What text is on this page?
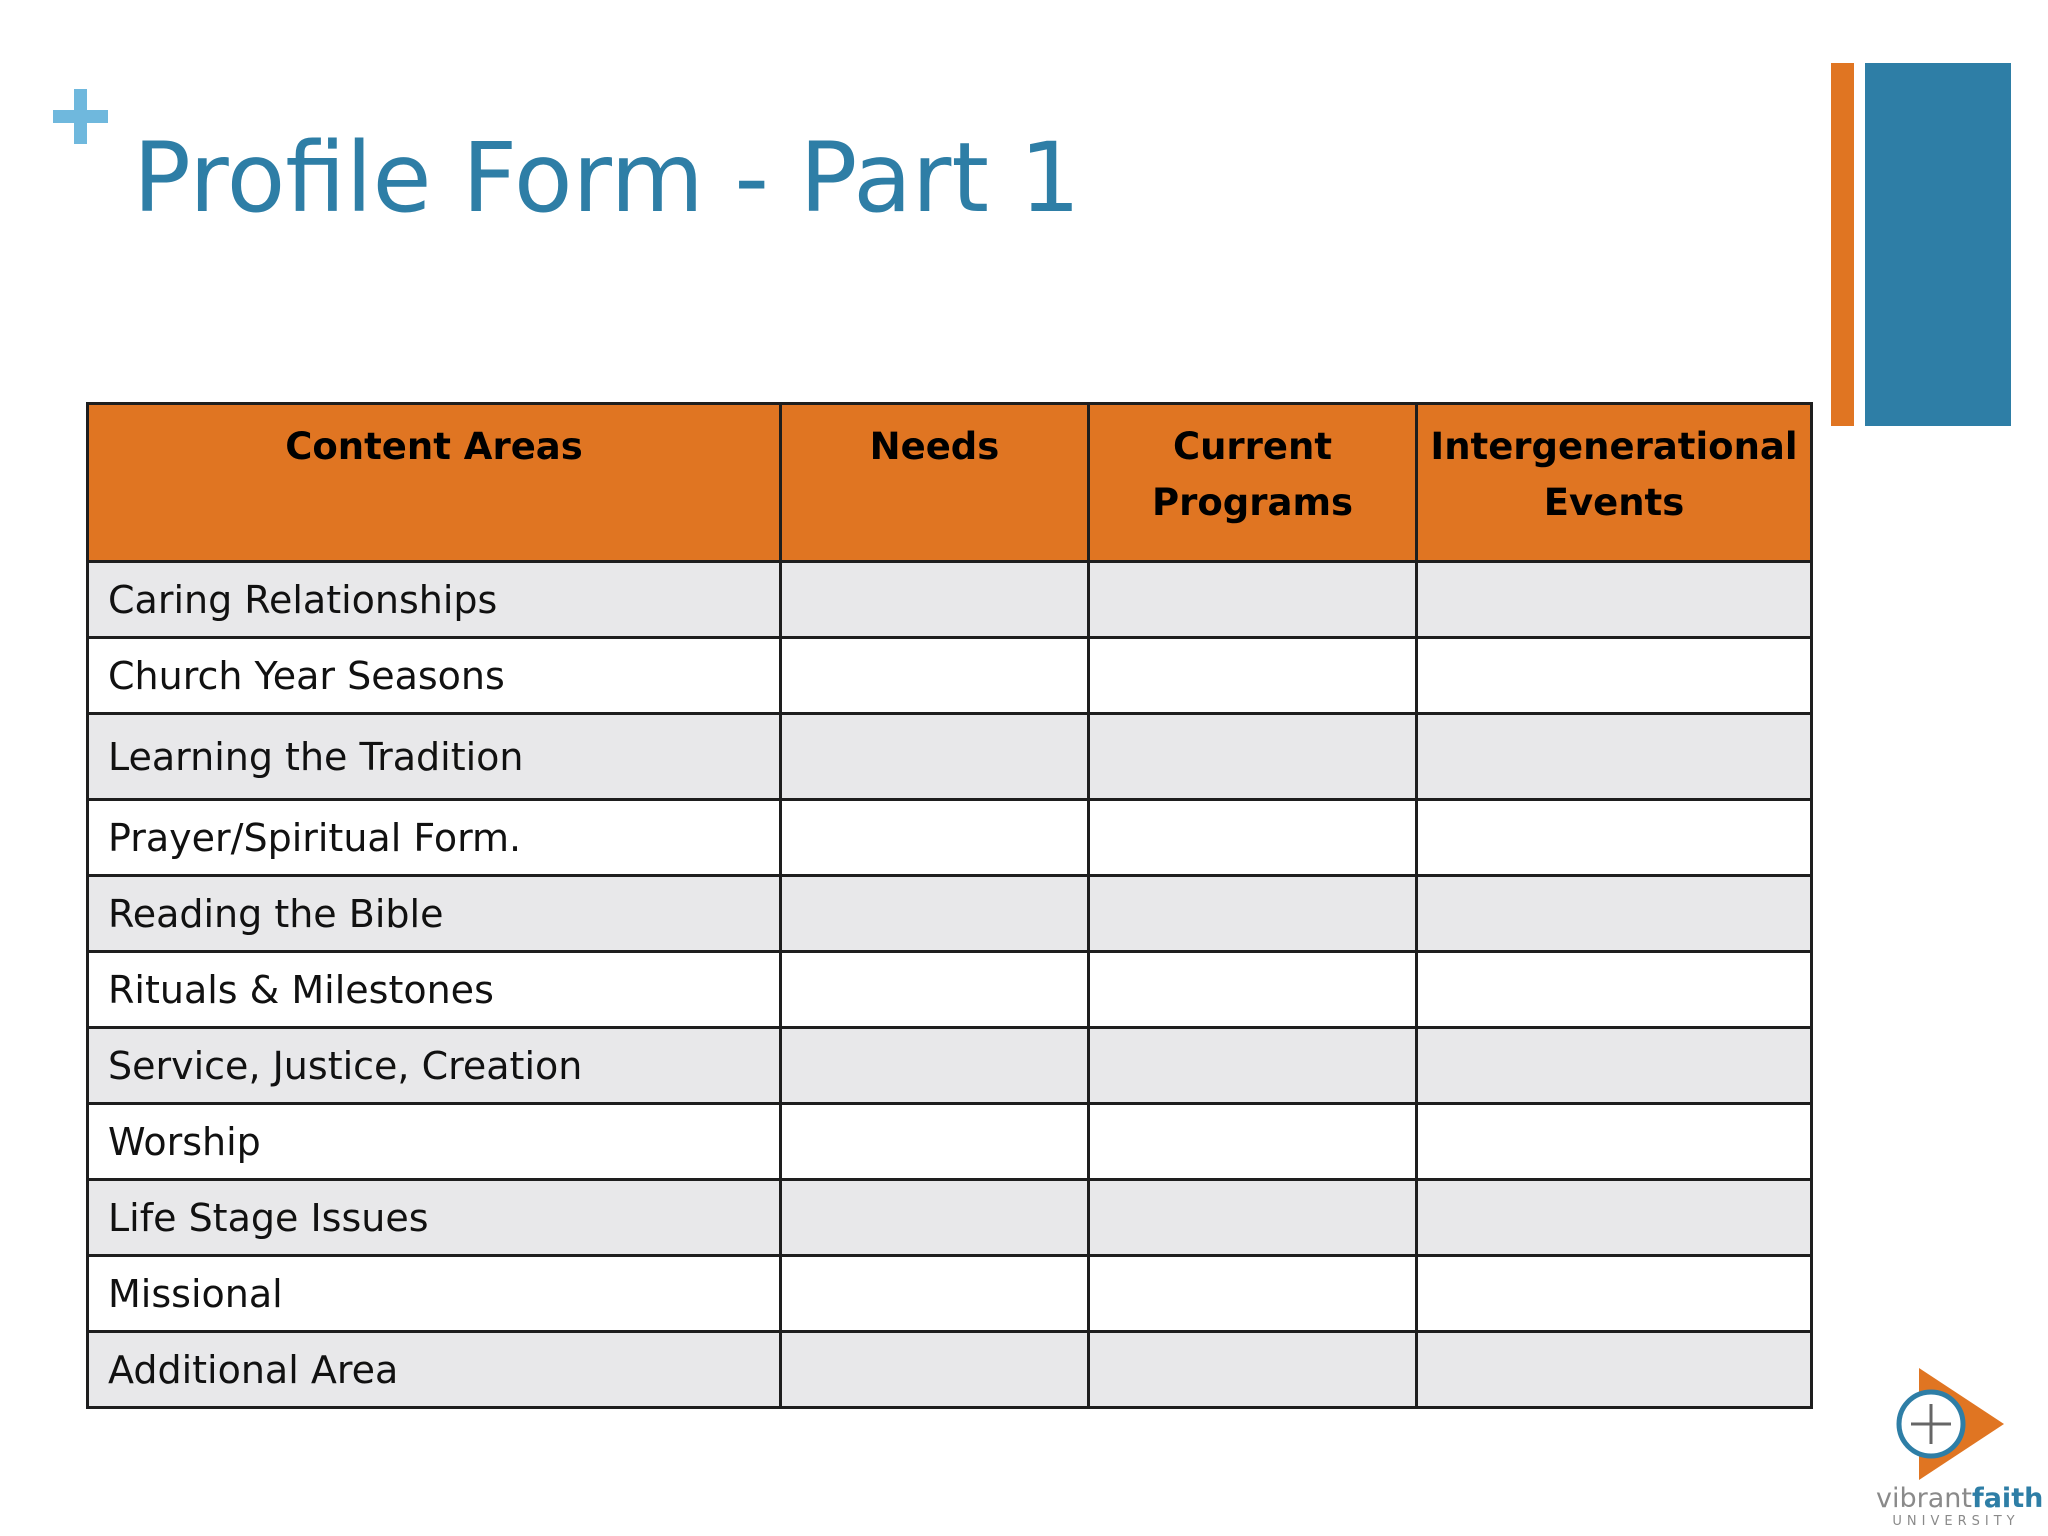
Profile Form - Part 1
Content Areas	Needs	Current Programs	Intergenerational Events
Caring Relationships			
Church Year Seasons			
Learning the Tradition			
Prayer/Spiritual Form.			
Reading the Bible			
Rituals & Milestones			
Service, Justice, Creation			
Worship			
Life Stage Issues			
Missional			
Additional Area			
vibrantfaith
UNIVERSITY
